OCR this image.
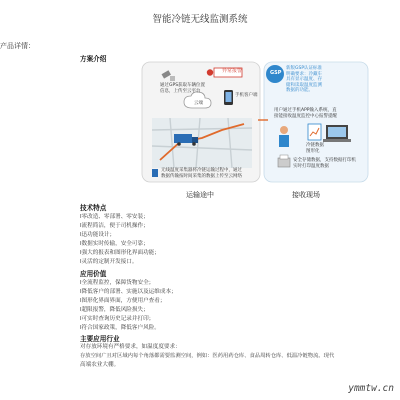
智能冷链无线监测系统
产品详情：
方案介绍
异常报警
云端
GSP
新版GSP认证标准
明确要求：冷藏车
具有显示温度、存
储和读取温度监测
数据的功能。
通过GPS获取车辆位置
信息，上传至云平台
手机客户端
用户通过手机APP输入系统，直
接能接收温度监控中心报警提醒
冷链数据
图形化
安全存储数据，支持数据打印机
实时打印温度数据
无线温度采集器将冷链运输过程中，通过
数据传输按时间采集的数据上传至云网络
运输途中	接收现场
技术特点
l零改造、零部署、零安装；
l流程简洁，便于司机操作；
l迅功能设计；
l数据实时传输，安全可靠；
l强大的报表和图形化界面功能；
l灵活的定制开发接口。
应用价值
l全流程监控，保障货物安全；
l降低客户的部署、实施以及运维成本；
l图形化界面界面，方便用户查看；
l超限报警，降低风险损失；
l可实时查询历史记录并打印；
l符合国家政策，降低客户风险。
主要应用行业
对存放环境有严格要求，如温度度要求：
存放空间广且对区域内每个角落都需要监测空间，例如：医药用药仓库、食品周转仓库、低温冷链物流、现代
高端农业大棚。
ymmtw.cn
